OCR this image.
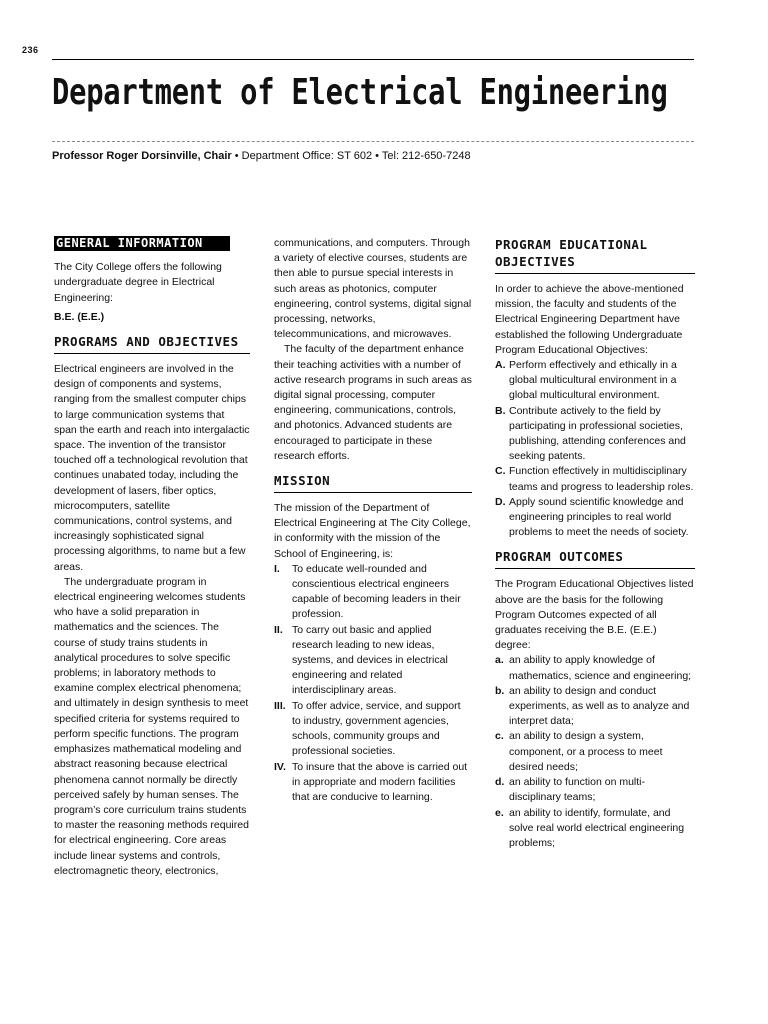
236
Department of Electrical Engineering
Professor Roger Dorsinville, Chair • Department Office: ST 602 • Tel: 212-650-7248
GENERAL INFORMATION

The City College offers the following undergraduate degree in Electrical Engineering:

B.E. (E.E.)

PROGRAMS AND OBJECTIVES

Electrical engineers are involved in the design of components and systems, ranging from the smallest computer chips to large communication systems that span the earth and reach into intergalactic space. The invention of the transistor touched off a technological revolution that continues unabated today, including the development of lasers, fiber optics, microcomputers, satellite communications, control systems, and increasingly sophisticated signal processing algorithms, to name but a few areas.

The undergraduate program in electrical engineering welcomes students who have a solid preparation in mathematics and the sciences. The course of study trains students in analytical procedures to solve specific problems; in laboratory methods to examine complex electrical phenomena; and ultimately in design synthesis to meet specified criteria for systems required to perform specific functions. The program emphasizes mathematical modeling and abstract reasoning because electrical phenomena cannot normally be directly perceived safely by human senses. The program’s core curriculum trains students to master the reasoning methods required for electrical engineering. Core areas include linear systems and controls, electromagnetic theory, electronics,

communications, and computers. Through a variety of elective courses, students are then able to pursue special interests in such areas as photonics, computer engineering, control systems, digital signal processing, networks, telecommunications, and microwaves.

The faculty of the department enhance their teaching activities with a number of active research programs in such areas as digital signal processing, computer engineering, communications, controls, and photonics. Advanced students are encouraged to participate in these research efforts.

MISSION

The mission of the Department of Electrical Engineering at The City College, in conformity with the mission of the School of Engineering, is:

I.	To educate well-rounded and conscientious electrical engineers capable of becoming leaders in their profession.
II. To carry out basic and applied research leading to new ideas, systems, and devices in electrical engineering and related interdisciplinary areas.
III. To offer advice, service, and support to industry, government agencies, schools, community groups and professional societies.
IV. To insure that the above is carried out in appropriate and modern facilities that are conducive to learning.
PROGRAM EDUCATIONAL OBJECTIVES

In order to achieve the above-mentioned mission, the faculty and students of the Electrical Engineering Department have established the following Undergraduate Program Educational Objectives:

A. Perform effectively and ethically in a global multicultural environment in a global multicultural environment.
B. Contribute actively to the field by participating in professional societies, publishing, attending conferences and seeking patents.
C. Function effectively in multidisciplinary teams and progress to leadership roles.
D. Apply sound scientific knowledge and engineering principles to real world problems to meet the needs of society.
PROGRAM OUTCOMES

The Program Educational Objectives listed above are the basis for the following Program Outcomes expected of all graduates receiving the B.E. (E.E.) degree:

a. an ability to apply knowledge of mathematics, science and engineering;
b. an ability to design and conduct experiments, as well as to analyze and interpret data;
c. an ability to design a system, component, or a process to meet desired needs;
d. an ability to function on multi-disciplinary teams;
e. an ability to identify, formulate, and solve real world electrical engineering problems;
